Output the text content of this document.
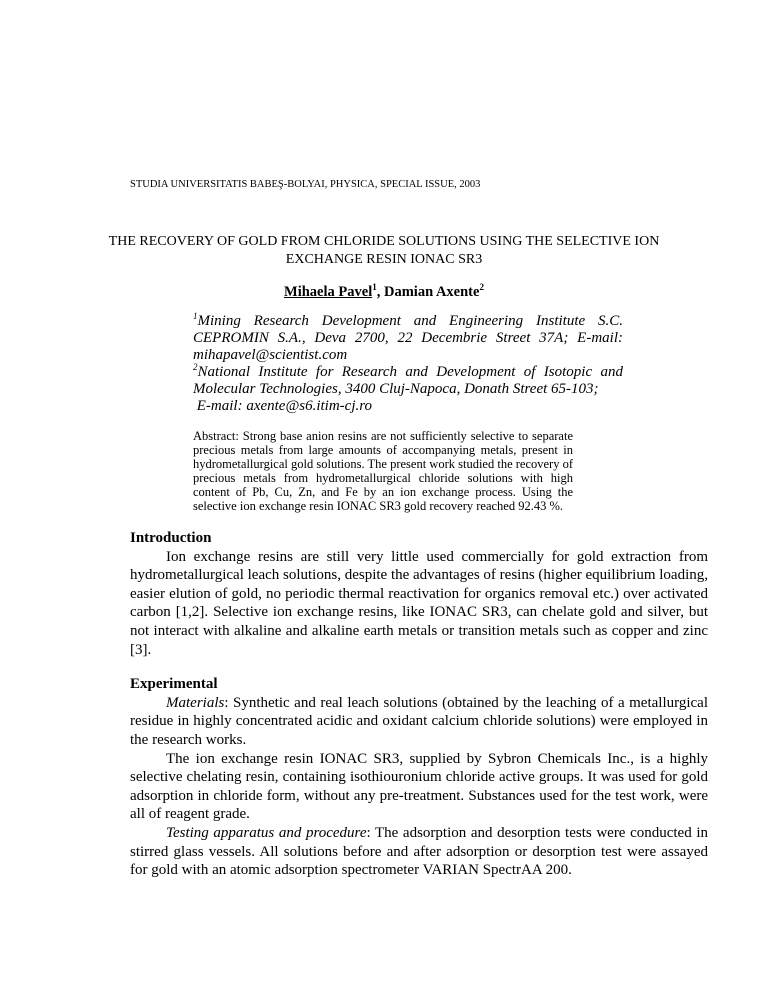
STUDIA UNIVERSITATIS BABEŞ-BOLYAI, PHYSICA, SPECIAL ISSUE, 2003
THE RECOVERY OF GOLD FROM CHLORIDE SOLUTIONS USING THE SELECTIVE ION EXCHANGE RESIN IONAC SR3
Mihaela Pavel$^1$, Damian Axente$^2$

$^1$Mining Research Development and Engineering Institute S.C. CEPROMIN S.A., Deva 2700, 22 Decembrie Street 37A; E-mail: mihapavel@scientist.com

$^2$National Institute for Research and Development of Isotopic and Molecular Technologies, 3400 Cluj-Napoca, Donath Street 65-103;
E-mail: axente@s6.itim-cj.ro

Abstract: Strong base anion resins are not sufficiently selective to separate precious metals from large amounts of accompanying metals, present in hydrometallurgical gold solutions. The present work studied the recovery of precious metals from hydrometallurgical chloride solutions with high content of Pb, Cu, Zn, and Fe by an ion exchange process. Using the selective ion exchange resin IONAC SR3 gold recovery reached 92.43 %.

Introduction

Ion exchange resins are still very little used commercially for gold extraction from hydrometallurgical leach solutions, despite the advantages of resins (higher equilibrium loading, easier elution of gold, no periodic thermal reactivation for organics removal etc.) over activated carbon [1,2]. Selective ion exchange resins, like IONAC SR3, can chelate gold and silver, but not interact with alkaline and alkaline earth metals or transition metals such as copper and zinc [3].

Experimental

Materials: Synthetic and real leach solutions (obtained by the leaching of a metallurgical residue in highly concentrated acidic and oxidant calcium chloride solutions) were employed in the research works.

The ion exchange resin IONAC SR3, supplied by Sybron Chemicals Inc., is a highly selective chelating resin, containing isothiouronium chloride active groups. It was used for gold adsorption in chloride form, without any pre-treatment. Substances used for the test work, were all of reagent grade.

Testing apparatus and procedure: The adsorption and desorption tests were conducted in stirred glass vessels. All solutions before and after adsorption or desorption test were assayed for gold with an atomic adsorption spectrometer VARIAN SpectrAA 200.
